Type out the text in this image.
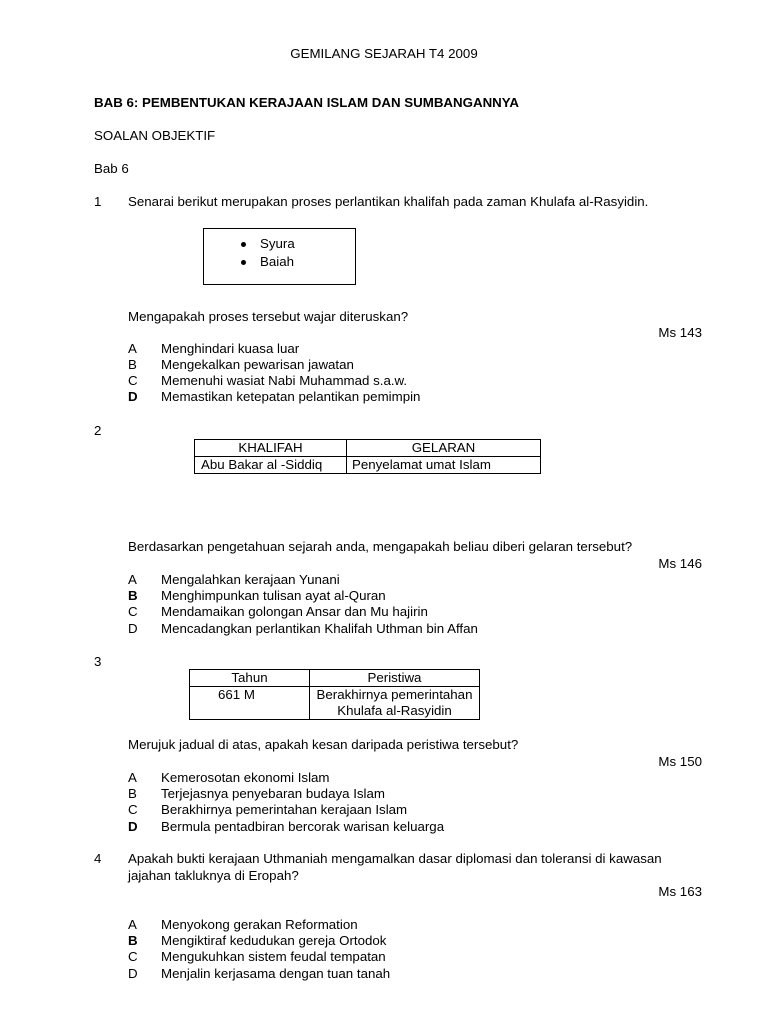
GEMILANG SEJARAH T4 2009
BAB 6: PEMBENTUKAN KERAJAAN ISLAM DAN SUMBANGANNYA
SOALAN OBJEKTIF
Bab 6
1 Senarai berikut merupakan proses perlantikan khalifah pada zaman Khulafa al-Rasyidin.
Syura
Baiah
Mengapakah proses tersebut wajar diteruskan?
Ms 143
A Menghindari kuasa luar
B Mengekalkan pewarisan jawatan
C Memenuhi wasiat Nabi Muhammad s.a.w.
D Memastikan ketepatan pelantikan pemimpin
2
KHALIFAH	GELARAN
Abu Bakar al -Siddiq	Penyelamat umat Islam
Berdasarkan pengetahuan sejarah anda, mengapakah beliau diberi gelaran tersebut?
Ms 146
A Mengalahkan kerajaan Yunani
B Menghimpunkan tulisan ayat al-Quran
C Mendamaikan golongan Ansar dan Mu hajirin
D Mencadangkan perlantikan Khalifah Uthman bin Affan
3
Tahun	Peristiwa
661 M	Berakhirnya pemerintahan
Khulafa al-Rasyidin
Merujuk jadual di atas, apakah kesan daripada peristiwa tersebut?
Ms 150
A Kemerosotan ekonomi Islam
B Terjejasnya penyebaran budaya Islam
C Berakhirnya pemerintahan kerajaan Islam
D Bermula pentadbiran bercorak warisan keluarga
4 Apakah bukti kerajaan Uthmaniah mengamalkan dasar diplomasi dan toleransi di kawasan
jajahan takluknya di Eropah?
Ms 163
A Menyokong gerakan Reformation
B Mengiktiraf kedudukan gereja Ortodok
C Mengukuhkan sistem feudal tempatan
D Menjalin kerjasama dengan tuan tanah
